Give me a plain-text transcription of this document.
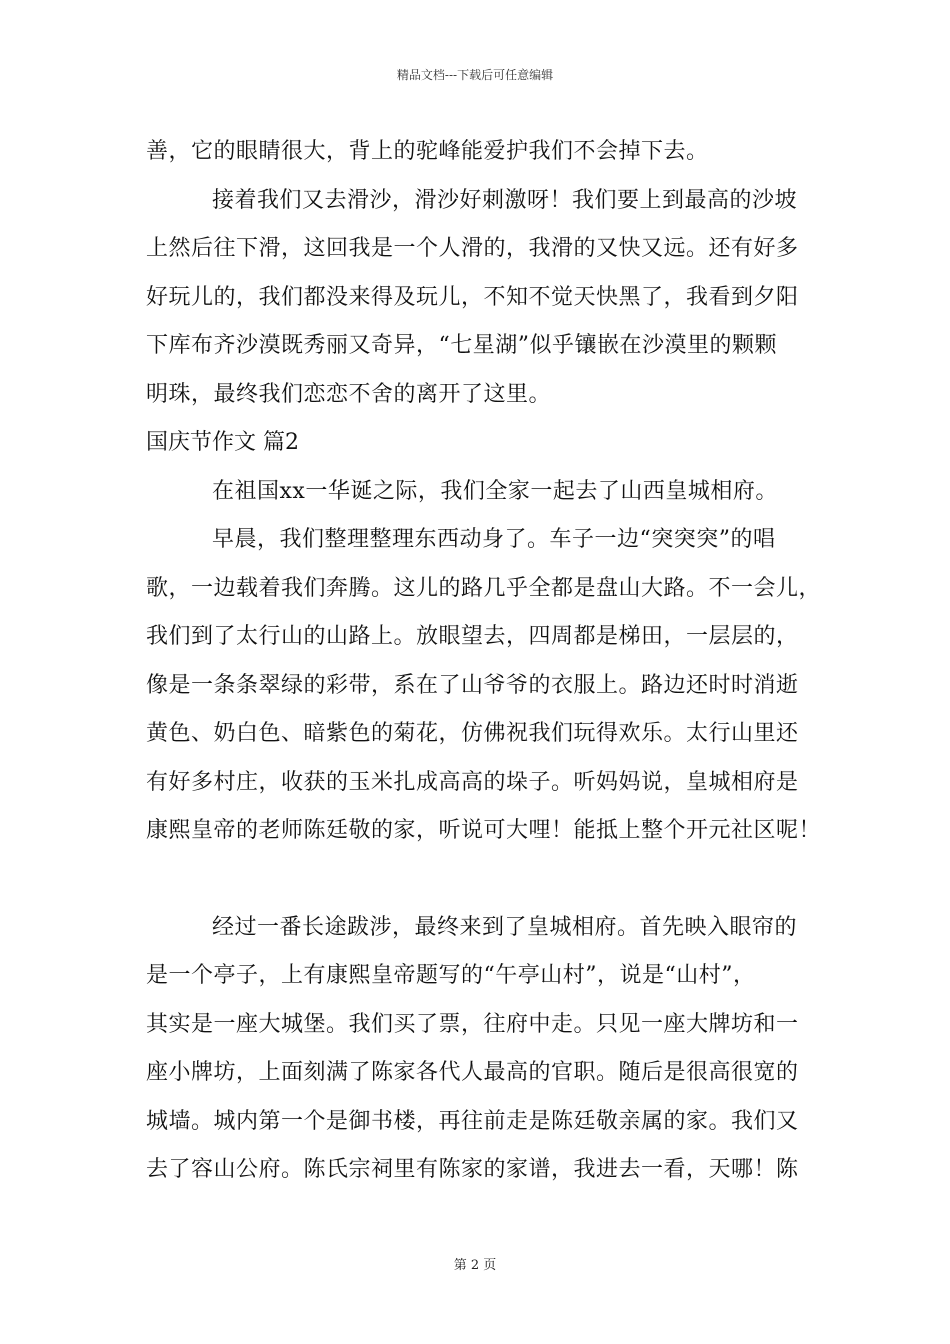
精品文档---下载后可任意编辑
善，它的眼睛很大，背上的驼峰能爱护我们不会掉下去。
接着我们又去滑沙，滑沙好刺激呀！我们要上到最高的沙坡
上然后往下滑，这回我是一个人滑的，我滑的又快又远。还有好多
好玩儿的，我们都没来得及玩儿，不知不觉天快黑了，我看到夕阳
下库布齐沙漠既秀丽又奇异，“七星湖”似乎镶嵌在沙漠里的颗颗
明珠，最终我们恋恋不舍的离开了这里。
国庆节作文 篇2
在祖国xx一华诞之际，我们全家一起去了山西皇城相府。
早晨，我们整理整理东西动身了。车子一边“突突突”的唱
歌，一边载着我们奔腾。这儿的路几乎全都是盘山大路。不一会儿，
我们到了太行山的山路上。放眼望去，四周都是梯田，一层层的，
像是一条条翠绿的彩带，系在了山爷爷的衣服上。路边还时时消逝
黄色、奶白色、暗紫色的菊花，仿佛祝我们玩得欢乐。太行山里还
有好多村庄，收获的玉米扎成高高的垛子。听妈妈说，皇城相府是
康熙皇帝的老师陈廷敬的家，听说可大哩！能抵上整个开元社区呢！
经过一番长途跋涉，最终来到了皇城相府。首先映入眼帘的
是一个亭子，上有康熙皇帝题写的“午亭山村”，说是“山村”，
其实是一座大城堡。我们买了票，往府中走。只见一座大牌坊和一
座小牌坊，上面刻满了陈家各代人最高的官职。随后是很高很宽的
城墙。城内第一个是御书楼，再往前走是陈廷敬亲属的家。我们又
去了容山公府。陈氏宗祠里有陈家的家谱，我进去一看，天哪！陈
第 2 页
